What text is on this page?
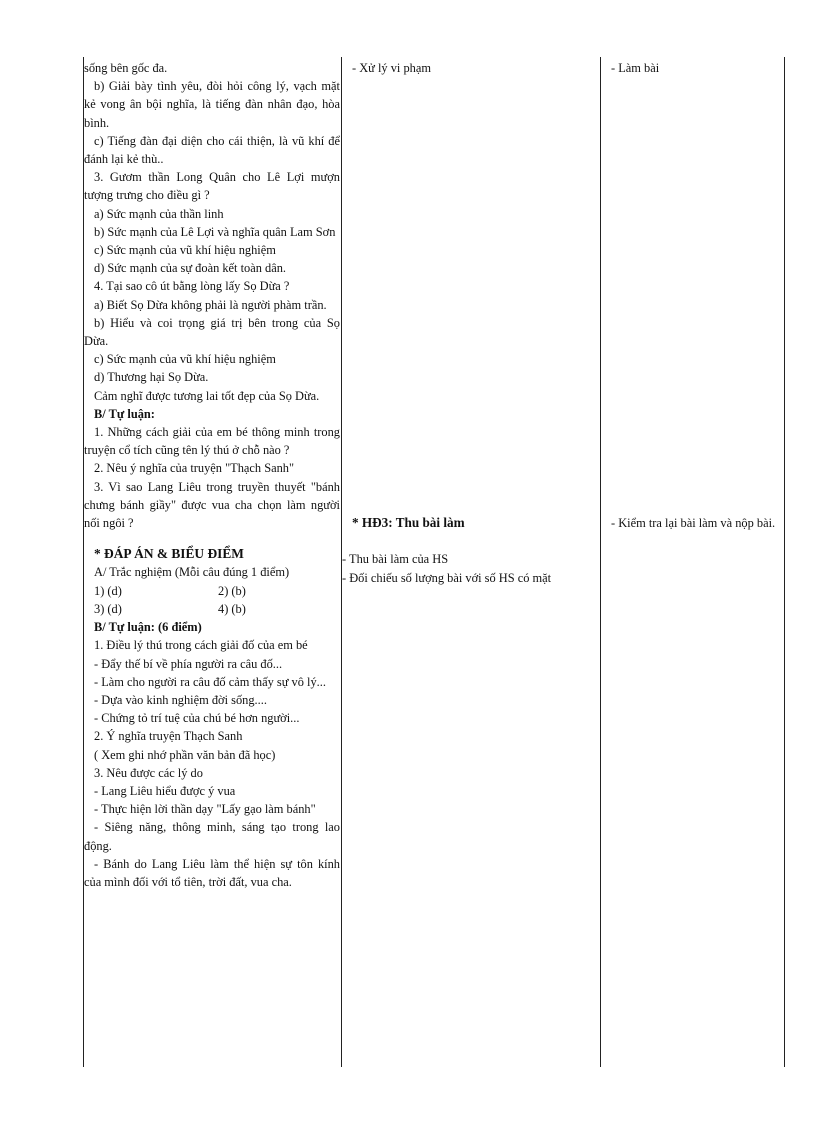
sống bên gốc đa.

b) Giải bày tình yêu, đòi hỏi công lý, vạch mặt kẻ vong ân bội nghĩa, là tiếng đàn nhân đạo, hòa bình.

c) Tiếng đàn đại diện cho cái thiện, là vũ khí để đánh lại kẻ thù..

3. Gươm thần Long Quân cho Lê Lợi mượn tượng trưng cho điều gì ?

a) Sức mạnh của thần linh

b) Sức mạnh của Lê Lợi và nghĩa quân Lam Sơn

c) Sức mạnh của vũ khí hiệu nghiệm

d) Sức mạnh của sự đoàn kết toàn dân.

4. Tại sao cô út bằng lòng lấy Sọ Dừa ?

a) Biết Sọ Dừa không phải là người phàm trần.

b) Hiểu và coi trọng giá trị bên trong của Sọ Dừa.

c) Sức mạnh của vũ khí hiệu nghiệm

d) Thương hại Sọ Dừa.

Cảm nghĩ được tương lai tốt đẹp của Sọ Dừa.

B/ Tự luận:

1. Những cách giải của em bé thông minh trong truyện cổ tích cũng tên lý thú ở chỗ nào ?

2. Nêu ý nghĩa của truyện "Thạch Sanh"

3. Vì sao Lang Liêu trong truyền thuyết "bánh chưng bánh giầy" được vua cha chọn làm người nối ngôi ?

* ĐÁP ÁN & BIỂU ĐIỂM

A/ Trắc nghiệm (Mỗi câu đúng 1 điểm)

1) (d)	2) (b)
3) (d)	4) (b)

B/ Tự luận: (6 điểm)

1. Điều lý thú trong cách giải đố của em bé

- Đẩy thế bí về phía người ra câu đố...

- Làm cho người ra câu đố cảm thấy sự vô lý...

- Dựa vào kinh nghiệm đời sống....

- Chứng tỏ trí tuệ của chú bé hơn người...

2. Ý nghĩa truyện Thạch Sanh

( Xem ghi nhớ phần văn bản đã học)

3. Nêu được các lý do

- Lang Liêu hiểu được ý vua

- Thực hiện lời thần dạy "Lấy gạo làm bánh"

- Siêng năng, thông minh, sáng tạo trong lao động.

- Bánh do Lang Liêu làm thể hiện sự tôn kính của mình đối với tổ tiên, trời đất, vua cha.

- Xử lý vi phạm

* HĐ3: Thu bài làm

- Thu bài làm của HS

- Đối chiếu số lượng bài với số HS có mặt

- Làm bài

- Kiểm tra lại bài làm và nộp bài.
